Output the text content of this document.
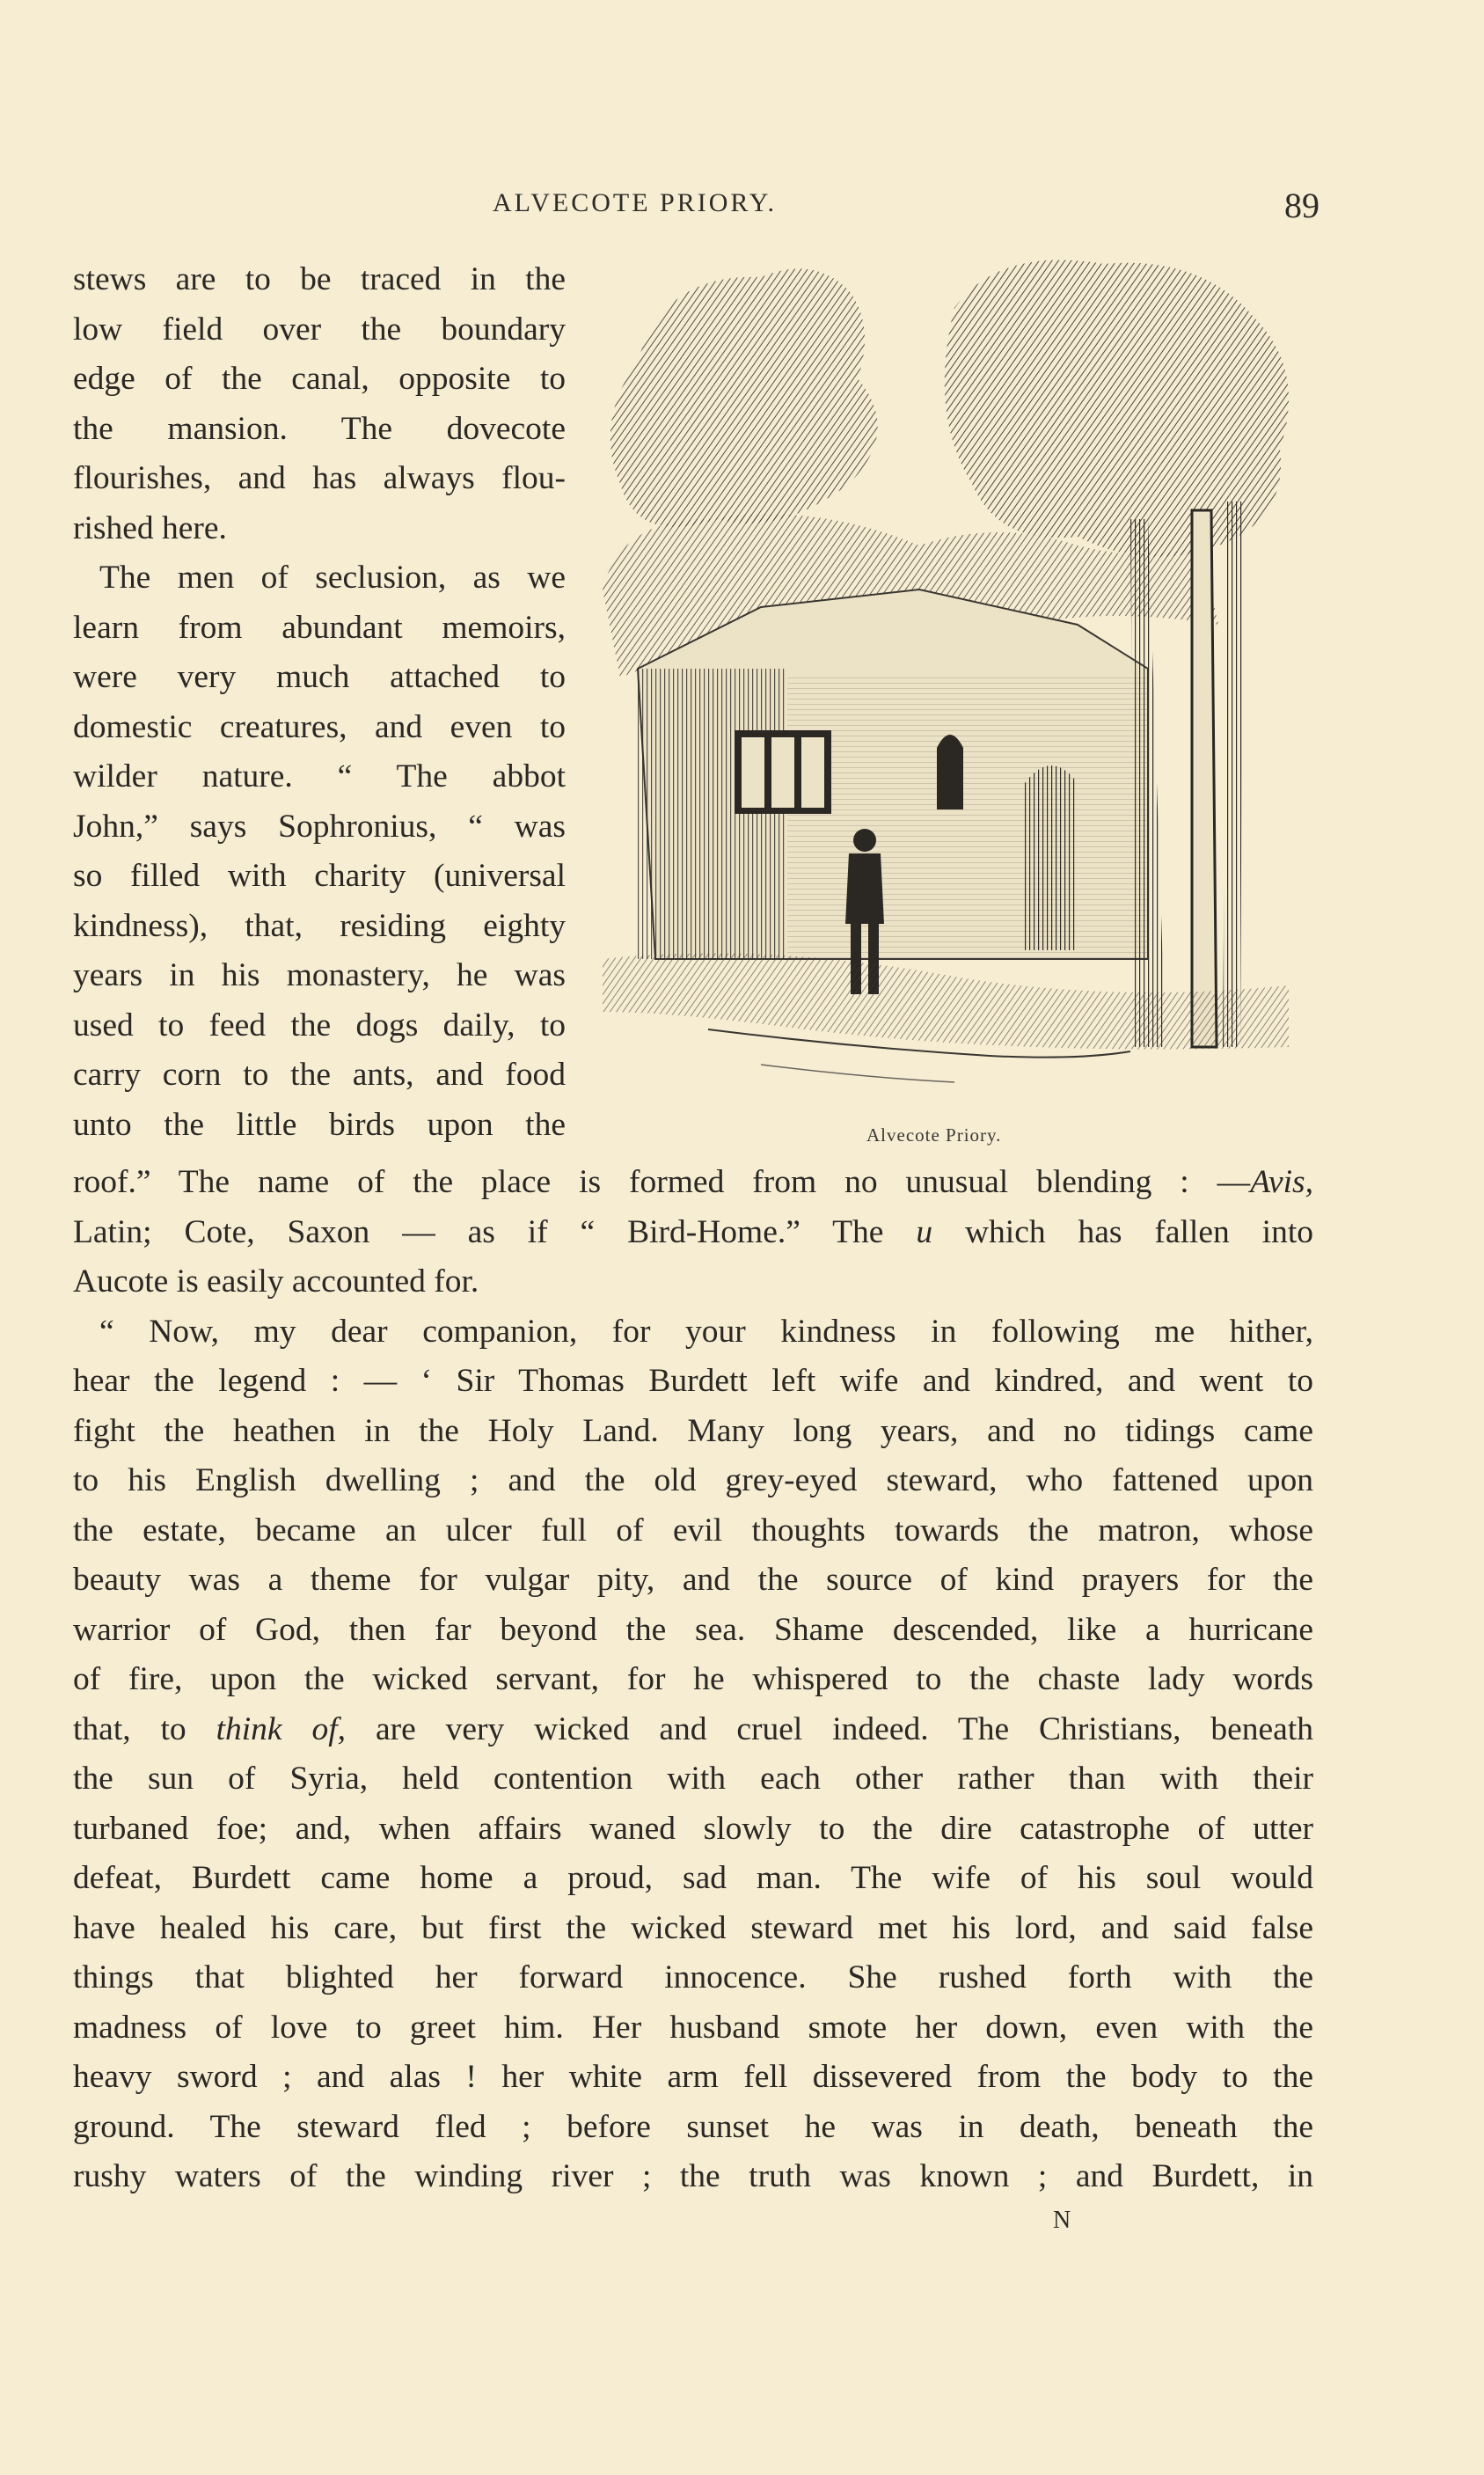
ALVECOTE PRIORY.	89
stews are to be traced in the
low field over the boundary
edge of the canal, opposite to
the mansion. The dovecote
flourishes, and has always flou-
rished here.
The men of seclusion, as we
learn from abundant memoirs,
were very much attached to
domestic creatures, and even to
wilder nature. “ The abbot
John,” says Sophronius, “ was
so filled with charity (universal
kindness), that, residing eighty
years in his monastery, he was
used to feed the dogs daily, to
carry corn to the ants, and food
unto the little birds upon the	Alvecote Priory.
roof.” The name of the place is formed from no unusual blending : —Avis,
Latin; Cote, Saxon — as if “ Bird-Home.” The u which has fallen into
Aucote is easily accounted for.
“ Now, my dear companion, for your kindness in following me hither,
hear the legend : — ‘ Sir Thomas Burdett left wife and kindred, and went to
fight the heathen in the Holy Land. Many long years, and no tidings came
to his English dwelling ; and the old grey-eyed steward, who fattened upon
the estate, became an ulcer full of evil thoughts towards the matron, whose
beauty was a theme for vulgar pity, and the source of kind prayers for the
warrior of God, then far beyond the sea. Shame descended, like a hurricane
of fire, upon the wicked servant, for he whispered to the chaste lady words
that, to think of, are very wicked and cruel indeed. The Christians, beneath
the sun of Syria, held contention with each other rather than with their
turbaned foe; and, when affairs waned slowly to the dire catastrophe of utter
defeat, Burdett came home a proud, sad man. The wife of his soul would
have healed his care, but first the wicked steward met his lord, and said false
things that blighted her forward innocence. She rushed forth with the
madness of love to greet him. Her husband smote her down, even with the
heavy sword ; and alas ! her white arm fell dissevered from the body to the
ground. The steward fled ; before sunset he was in death, beneath the
rushy waters of the winding river ; the truth was known ; and Burdett, in
N
